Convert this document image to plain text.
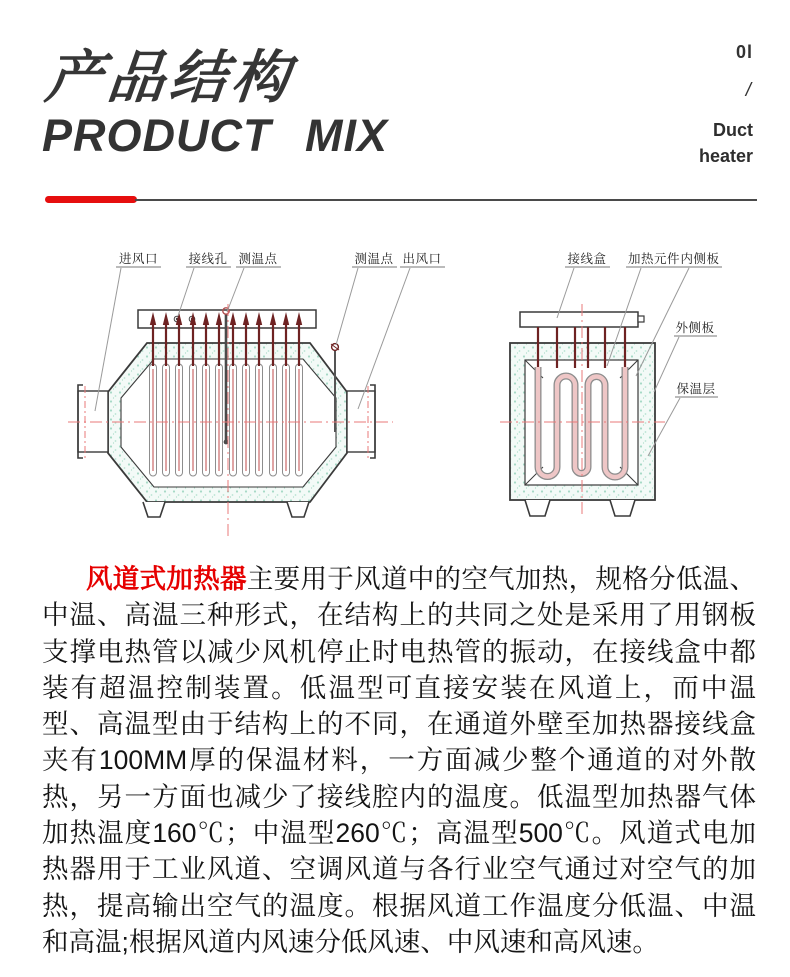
产品结构
PRODUCT MIX
0l
/
Duct
heater
进风口 接线孔 测温点	测温点 出风口	接线盒 加热元件 内侧板
外侧板
保温层

风道式加热器主要用于风道中的空气加热，规格分低温、中温、高温三种形式，在结构上的共同之处是采用了用钢板支撑电热管以减少风机停止时电热管的振动，在接线盒中都装有超温控制装置。低温型可直接安装在风道上，而中温型、高温型由于结构上的不同，在通道外壁至加热器接线盒夹有100MM厚的保温材料，一方面减少整个通道的对外散热，另一方面也减少了接线腔内的温度。低温型加热器气体加热温度160℃；中温型260℃；高温型500℃。风道式电加热器用于工业风道、空调风道与各行业空气通过对空气的加热，提高输出空气的温度。根据风道工作温度分低温、中温和高温;根据风道内风速分低风速、中风速和高风速。
